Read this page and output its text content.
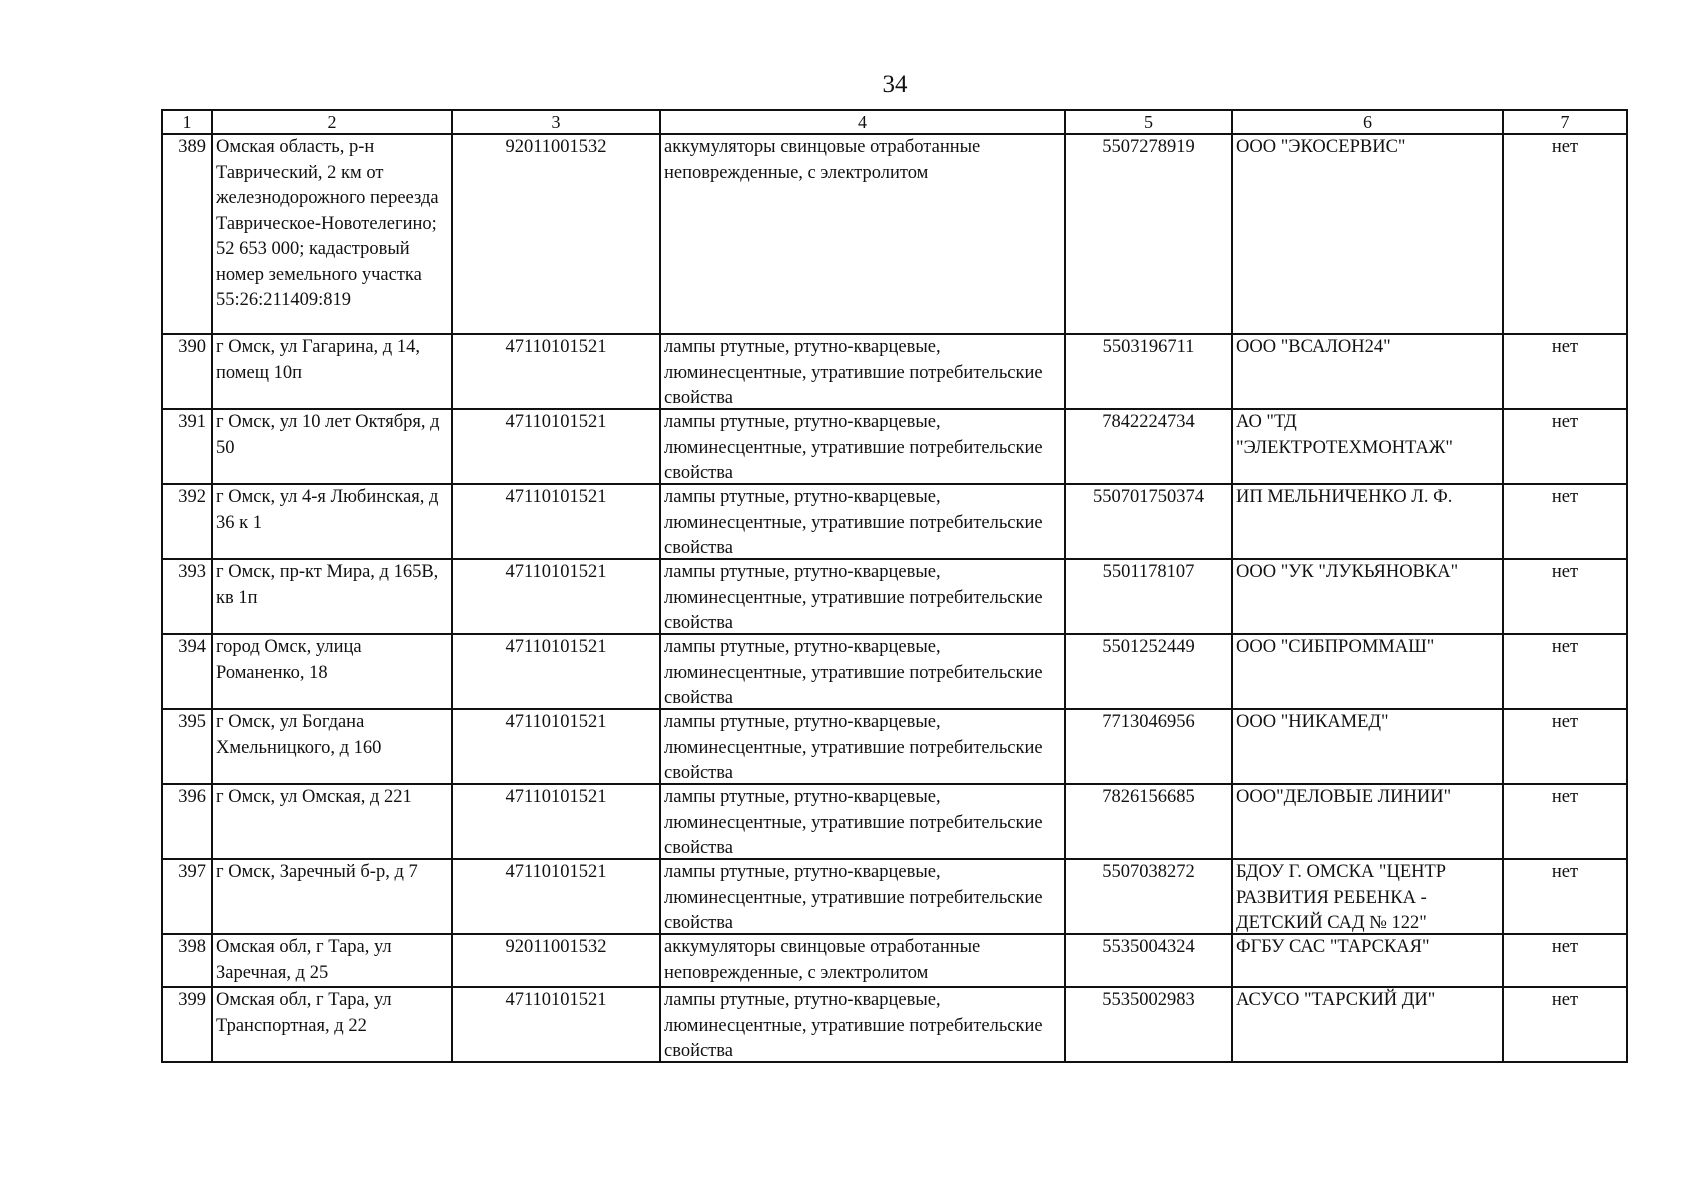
34
1	2	3	4	5	6	7
389	Омская область, р-н Таврический, 2 км от железнодорожного переезда Таврическое-Новотелегино; 52 653 000; кадастровый номер земельного участка 55:26:211409:819	92011001532	аккумуляторы свинцовые отработанные неповрежденные, с электролитом	5507278919	ООО "ЭКОСЕРВИС"	нет
390	г Омск, ул Гагарина, д 14, помещ 10п	47110101521	лампы ртутные, ртутно-кварцевые, люминесцентные, утратившие потребительские свойства	5503196711	ООО "ВСАЛОН24"	нет
391	г Омск, ул 10 лет Октября, д 50	47110101521	лампы ртутные, ртутно-кварцевые, люминесцентные, утратившие потребительские свойства	7842224734	АО "ТД "ЭЛЕКТРОТЕХМОНТАЖ"	нет
392	г Омск, ул 4-я Любинская, д 36 к 1	47110101521	лампы ртутные, ртутно-кварцевые, люминесцентные, утратившие потребительские свойства	550701750374	ИП МЕЛЬНИЧЕНКО Л. Ф.	нет
393	г Омск, пр-кт Мира, д 165В, кв 1п	47110101521	лампы ртутные, ртутно-кварцевые, люминесцентные, утратившие потребительские свойства	5501178107	ООО "УК "ЛУКЬЯНОВКА"	нет
394	город Омск, улица Романенко, 18	47110101521	лампы ртутные, ртутно-кварцевые, люминесцентные, утратившие потребительские свойства	5501252449	ООО "СИБПРОММАШ"	нет
395	г Омск, ул Богдана Хмельницкого, д 160	47110101521	лампы ртутные, ртутно-кварцевые, люминесцентные, утратившие потребительские свойства	7713046956	ООО "НИКАМЕД"	нет
396	г Омск, ул Омская, д 221	47110101521	лампы ртутные, ртутно-кварцевые, люминесцентные, утратившие потребительские свойства	7826156685	ООО"ДЕЛОВЫЕ ЛИНИИ"	нет
397	г Омск, Заречный б-р, д 7	47110101521	лампы ртутные, ртутно-кварцевые, люминесцентные, утратившие потребительские свойства	5507038272	БДОУ Г. ОМСКА "ЦЕНТР РАЗВИТИЯ РЕБЕНКА - ДЕТСКИЙ САД № 122"	нет
398	Омская обл, г Тара, ул Заречная, д 25	92011001532	аккумуляторы свинцовые отработанные неповрежденные, с электролитом	5535004324	ФГБУ САС "ТАРСКАЯ"	нет
399	Омская обл, г Тара, ул Транспортная, д 22	47110101521	лампы ртутные, ртутно-кварцевые, люминесцентные, утратившие потребительские свойства	5535002983	АСУСО "ТАРСКИЙ ДИ"	нет
